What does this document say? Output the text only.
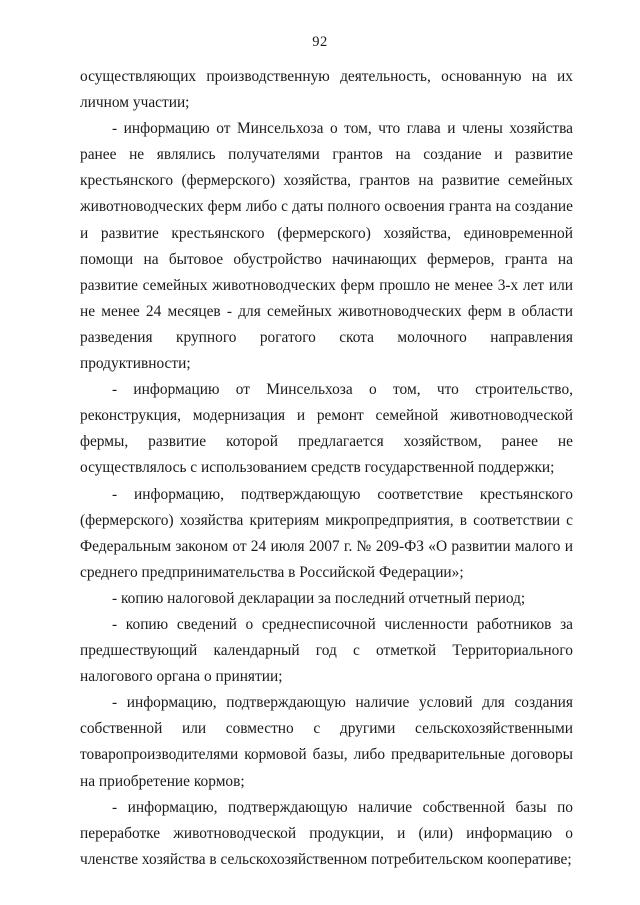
92

осуществляющих производственную деятельность, основанную на их личном участии;

- информацию от Минсельхоза о том, что глава и члены хозяйства ранее не являлись получателями грантов на создание и развитие крестьянского (фермерского) хозяйства, грантов на развитие семейных животноводческих ферм либо с даты полного освоения гранта на создание и развитие крестьянского (фермерского) хозяйства, единовременной помощи на бытовое обустройство начинающих фермеров, гранта на развитие семейных животноводческих ферм прошло не менее 3-х лет или не менее 24 месяцев - для семейных животноводческих ферм в области разведения крупного рогатого скота молочного направления продуктивности;

- информацию от Минсельхоза о том, что строительство, реконструкция, модернизация и ремонт семейной животноводческой фермы, развитие которой предлагается хозяйством, ранее не осуществлялось с использованием средств государственной поддержки;

- информацию, подтверждающую соответствие крестьянского (фермерского) хозяйства критериям микропредприятия, в соответствии с Федеральным законом от 24 июля 2007 г. № 209-ФЗ «О развитии малого и среднего предпринимательства в Российской Федерации»;

- копию налоговой декларации за последний отчетный период;

- копию сведений о среднесписочной численности работников за предшествующий календарный год с отметкой Территориального налогового органа о принятии;

- информацию, подтверждающую наличие условий для создания собственной или совместно с другими сельскохозяйственными товаропроизводителями кормовой базы, либо предварительные договоры на приобретение кормов;

- информацию, подтверждающую наличие собственной базы по переработке животноводческой продукции, и (или) информацию о членстве хозяйства в сельскохозяйственном потребительском кооперативе;
